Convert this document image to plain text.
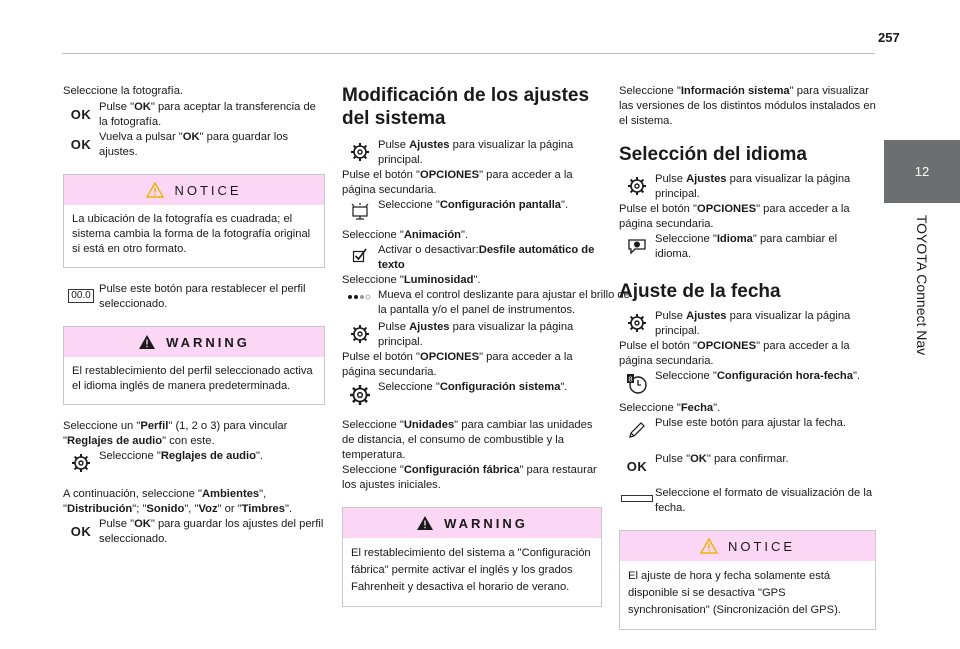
257
12
TOYOTA Connect Nav

Seleccione la fotografía.

OK Pulse "OK" para aceptar la transferencia de la fotografía.
OK Vuelva a pulsar "OK" para guardar los ajustes.
NOTICE
La ubicación de la fotografía es cuadrada; el sistema cambia la forma de la fotografía original si está en otro formato.
00.0
Pulse este botón para restablecer el perfil seleccionado.
WARNING
El restablecimiento del perfil seleccionado activa el idioma inglés de manera predeterminada.

Seleccione un "Perfil" (1, 2 o 3) para vincular "Reglajes de audio" con este.

Seleccione "Reglajes de audio".

A continuación, seleccione "Ambientes", "Distribución"; "Sonido", "Voz" or "Timbres".

OK Pulse "OK" para guardar los ajustes del perfil seleccionado.
Modificación de los ajustes del sistema
Pulse Ajustes para visualizar la página principal.

Pulse el botón "OPCIONES" para acceder a la página secundaria.

Seleccione "Configuración pantalla".

Seleccione "Animación".

Activar o desactivar:Desfile automático de texto

Seleccione "Luminosidad".

Mueva el control deslizante para ajustar el brillo de la pantalla y/o el panel de instrumentos.
Pulse Ajustes para visualizar la página principal.

Pulse el botón "OPCIONES" para acceder a la página secundaria.

Seleccione "Configuración sistema".

Seleccione "Unidades" para cambiar las unidades de distancia, el consumo de combustible y la temperatura.

Seleccione "Configuración fábrica" para restaurar los ajustes iniciales.

WARNING
El restablecimiento del sistema a "Configuración fábrica" permite activar el inglés y los grados Fahrenheit y desactiva el horario de verano.

Seleccione "Información sistema" para visualizar las versiones de los distintos módulos instalados en el sistema.

Selección del idioma
Pulse Ajustes para visualizar la página principal.

Pulse el botón "OPCIONES" para acceder a la página secundaria.

Seleccione "Idioma" para cambiar el idioma.
Ajuste de la fecha
Pulse Ajustes para visualizar la página principal.

Pulse el botón "OPCIONES" para acceder a la página secundaria.

8 Seleccione "Configuración hora-fecha".

Seleccione "Fecha".

Pulse este botón para ajustar la fecha.
OK Pulse "OK" para confirmar.
Seleccione el formato de visualización de la fecha.
NOTICE
El ajuste de hora y fecha solamente está disponible si se desactiva "GPS synchronisation" (Sincronización del GPS).
